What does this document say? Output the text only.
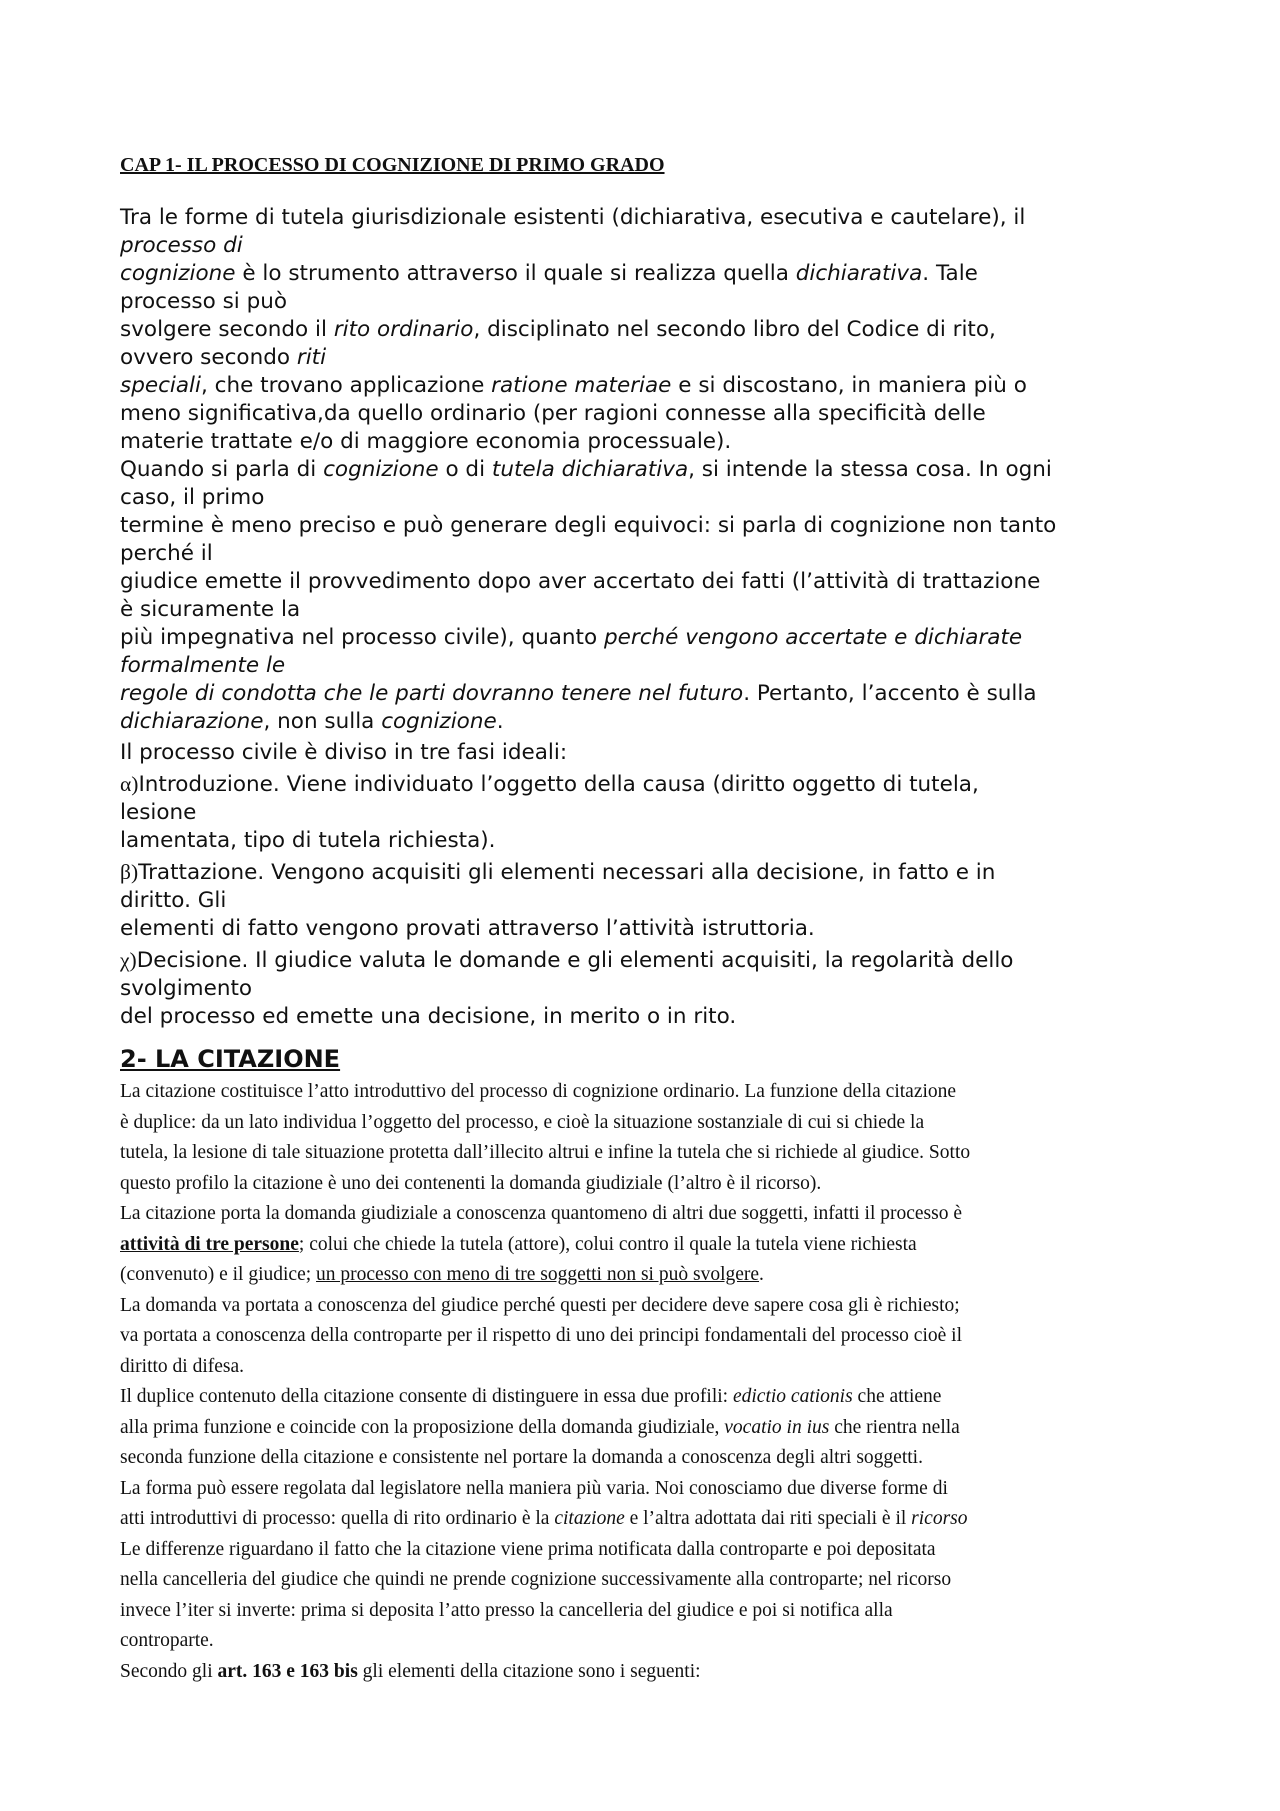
CAP 1- IL PROCESSO DI COGNIZIONE DI PRIMO GRADO
Tra le forme di tutela giurisdizionale esistenti (dichiarativa, esecutiva e cautelare), il
processo di
cognizione è lo strumento attraverso il quale si realizza quella dichiarativa. Tale
processo si può
svolgere secondo il rito ordinario, disciplinato nel secondo libro del Codice di rito,
ovvero secondo riti
speciali, che trovano applicazione ratione materiae e si discostano, in maniera più o
meno significativa,da quello ordinario (per ragioni connesse alla specificità delle
materie trattate e/o di maggiore economia processuale).
Quando si parla di cognizione o di tutela dichiarativa, si intende la stessa cosa. In ogni
caso, il primo
termine è meno preciso e può generare degli equivoci: si parla di cognizione non tanto
perché il
giudice emette il provvedimento dopo aver accertato dei fatti (l’attività di trattazione
è sicuramente la
più impegnativa nel processo civile), quanto perché vengono accertate e dichiarate
formalmente le
regole di condotta che le parti dovranno tenere nel futuro. Pertanto, l’accento è sulla
dichiarazione, non sulla cognizione.
Il processo civile è diviso in tre fasi ideali:
α)Introduzione. Viene individuato l’oggetto della causa (diritto oggetto di tutela,
lesione
lamentata, tipo di tutela richiesta).
β)Trattazione. Vengono acquisiti gli elementi necessari alla decisione, in fatto e in
diritto. Gli
elementi di fatto vengono provati attraverso l’attività istruttoria.
χ)Decisione. Il giudice valuta le domande e gli elementi acquisiti, la regolarità dello
svolgimento
del processo ed emette una decisione, in merito o in rito.
2- LA CITAZIONE
La citazione costituisce l’atto introduttivo del processo di cognizione ordinario. La funzione della citazione
è duplice: da un lato individua l’oggetto del processo, e cioè la situazione sostanziale di cui si chiede la
tutela, la lesione di tale situazione protetta dall’illecito altrui e infine la tutela che si richiede al giudice. Sotto
questo profilo la citazione è uno dei contenenti la domanda giudiziale (l’altro è il ricorso).
La citazione porta la domanda giudiziale a conoscenza quantomeno di altri due soggetti, infatti il processo è
attività di tre persone; colui che chiede la tutela (attore), colui contro il quale la tutela viene richiesta
(convenuto) e il giudice; un processo con meno di tre soggetti non si può svolgere.
La domanda va portata a conoscenza del giudice perché questi per decidere deve sapere cosa gli è richiesto;
va portata a conoscenza della controparte per il rispetto di uno dei principi fondamentali del processo cioè il
diritto di difesa.
Il duplice contenuto della citazione consente di distinguere in essa due profili: edictio cationis che attiene
alla prima funzione e coincide con la proposizione della domanda giudiziale, vocatio in ius che rientra nella
seconda funzione della citazione e consistente nel portare la domanda a conoscenza degli altri soggetti.
La forma può essere regolata dal legislatore nella maniera più varia. Noi conosciamo due diverse forme di
atti introduttivi di processo: quella di rito ordinario è la citazione e l’altra adottata dai riti speciali è il ricorso
Le differenze riguardano il fatto che la citazione viene prima notificata dalla controparte e poi depositata
nella cancelleria del giudice che quindi ne prende cognizione successivamente alla controparte; nel ricorso
invece l’iter si inverte: prima si deposita l’atto presso la cancelleria del giudice e poi si notifica alla
controparte.
Secondo gli art. 163 e 163 bis gli elementi della citazione sono i seguenti:
